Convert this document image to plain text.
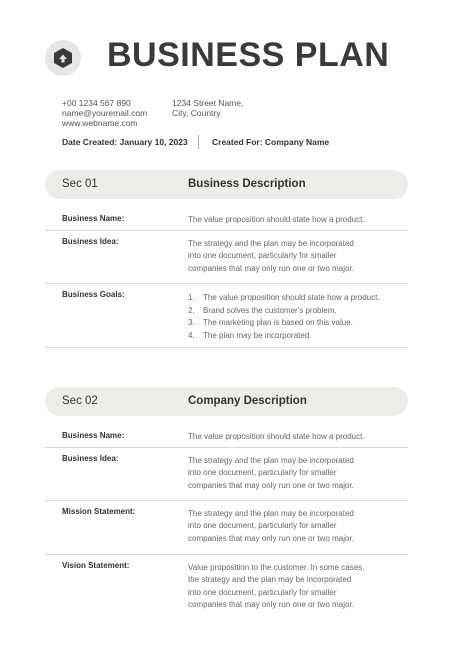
BUSINESS PLAN
+00 1234 567 890
name@youremail.com
www.webname.com
1234 Street Name,
City, Country
Date Created: January 10, 2023	Created For: Company Name
Sec 01	Business Description
Business Name:	The value proposition should state how a product.
Business Idea:	The strategy and the plan may be incorporated
into one document, particularly for smaller
companies that may only run one or two major.
Business Goals:	1.	The value proposition should state how a product.
2.	Brand solves the customer's problem.
3.	The marketing plan is based on this value.
4.	The plan may be incorporated.
Sec 02	Company Description
Business Name:	The value proposition should state how a product.
Business Idea:	The strategy and the plan may be incorporated
into one document, particularly for smaller
companies that may only run one or two major.
Mission Statement:	The strategy and the plan may be incorporated
into one document, particularly for smaller
companies that may only run one or two major.
Vision Statement:	Value proposition to the customer. In some cases,
the strategy and the plan may be incorporated
into one document, particularly for smaller
companies that may only run one or two major.
